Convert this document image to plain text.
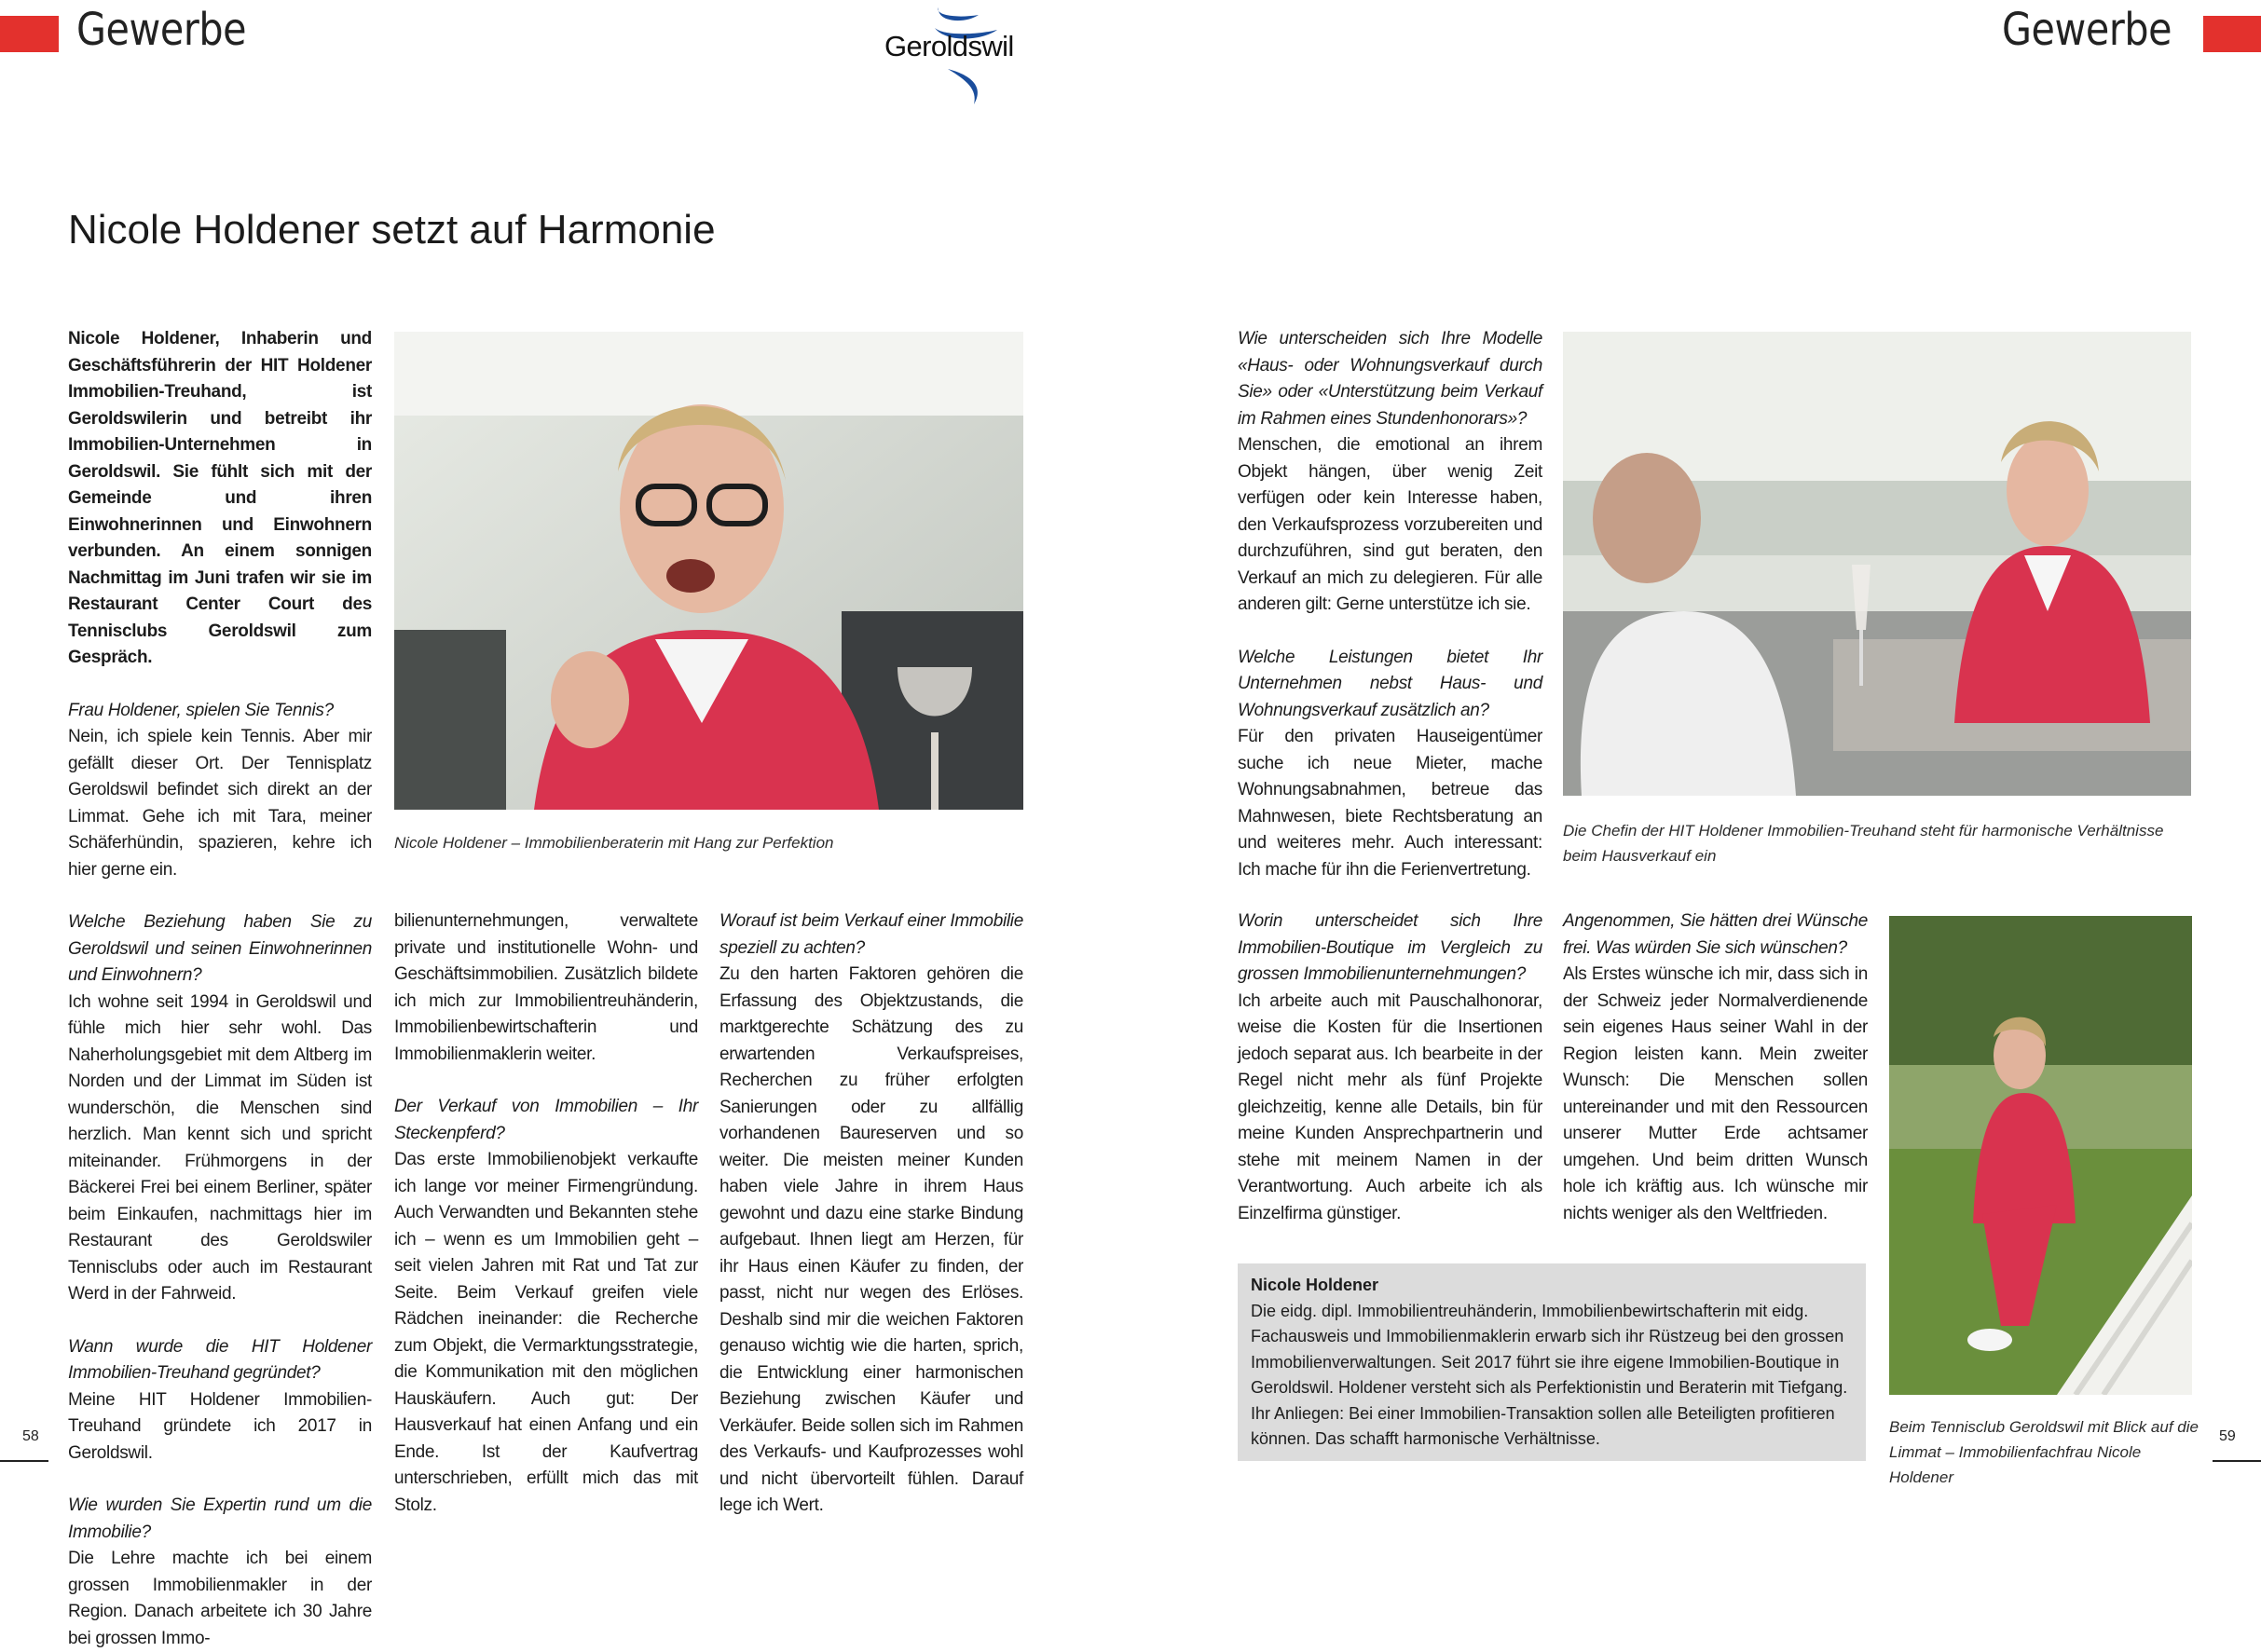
Gewerbe	Gewerbe
Geroldswil
Nicole Holdener setzt auf Harmonie

Nicole Holdener, Inhaberin und Geschäftsführerin der HIT Holdener Immobilien-Treuhand, ist Geroldswilerin und betreibt ihr Immobilien-Unternehmen in Geroldswil. Sie fühlt sich mit der Gemeinde und ihren Einwohnerinnen und Einwohnern verbunden. An einem sonnigen Nachmittag im Juni trafen wir sie im Restaurant Center Court des Tennisclubs Geroldswil zum Gespräch.

Frau Holdener, spielen Sie Tennis?

Nein, ich spiele kein Tennis. Aber mir gefällt dieser Ort. Der Tennisplatz Geroldswil befindet sich direkt an der Limmat. Gehe ich mit Tara, meiner Schäferhündin, spazieren, kehre ich hier gerne ein.

Welche Beziehung haben Sie zu Geroldswil und seinen Einwohnerinnen und Einwohnern?

Ich wohne seit 1994 in Geroldswil und fühle mich hier sehr wohl. Das Naherholungsgebiet mit dem Altberg im Norden und der Limmat im Süden ist wunderschön, die Menschen sind herzlich. Man kennt sich und spricht miteinander. Frühmorgens in der Bäckerei Frei bei einem Berliner, später beim Einkaufen, nachmittags hier im Restaurant des Geroldswiler Tennisclubs oder auch im Restaurant Werd in der Fahrweid.

Wann wurde die HIT Holdener Immobilien-Treuhand gegründet?

Meine HIT Holdener Immobilien-Treuhand gründete ich 2017 in Geroldswil.

Wie wurden Sie Expertin rund um die Immobilie?

Die Lehre machte ich bei einem grossen Immobilienmakler in der Region. Danach arbeitete ich 30 Jahre bei grossen Immo-

Nicole Holdener – Immobilienberaterin mit Hang zur Perfektion

bilienunternehmungen, verwaltete private und institutionelle Wohn- und Geschäftsimmobilien. Zusätzlich bildete ich mich zur Immobilientreuhänderin, Immobilienbewirtschafterin und Immobilienmaklerin weiter.

Der Verkauf von Immobilien – Ihr Steckenpferd?

Das erste Immobilienobjekt verkaufte ich lange vor meiner Firmengründung. Auch Verwandten und Bekannten stehe ich – wenn es um Immobilien geht – seit vielen Jahren mit Rat und Tat zur Seite. Beim Verkauf greifen viele Rädchen ineinander: die Recherche zum Objekt, die Vermarktungsstrategie, die Kommunikation mit den möglichen Hauskäufern. Auch gut: Der Hausverkauf hat einen Anfang und ein Ende. Ist der Kaufvertrag unterschrieben, erfüllt mich das mit Stolz.

Worauf ist beim Verkauf einer Immobilie speziell zu achten?

Zu den harten Faktoren gehören die Erfassung des Objektzustands, die marktgerechte Schätzung des zu erwartenden Verkaufspreises, Recherchen zu früher erfolgten Sanierungen oder zu allfällig vorhandenen Baureserven und so weiter. Die meisten meiner Kunden haben viele Jahre in ihrem Haus gewohnt und dazu eine starke Bindung aufgebaut. Ihnen liegt am Herzen, für ihr Haus einen Käufer zu finden, der passt, nicht nur wegen des Erlöses. Deshalb sind mir die weichen Faktoren genauso wichtig wie die harten, sprich, die Entwicklung einer harmonischen Beziehung zwischen Käufer und Verkäufer. Beide sollen sich im Rahmen des Verkaufs- und Kaufprozesses wohl und nicht übervorteilt fühlen. Darauf lege ich Wert.

Wie unterscheiden sich Ihre Modelle «Haus- oder Wohnungsverkauf durch Sie» oder «Unterstützung beim Verkauf im Rahmen eines Stundenhonorars»?

Menschen, die emotional an ihrem Objekt hängen, über wenig Zeit verfügen oder kein Interesse haben, den Verkaufsprozess vorzubereiten und durchzuführen, sind gut beraten, den Verkauf an mich zu delegieren. Für alle anderen gilt: Gerne unterstütze ich sie.

Welche Leistungen bietet Ihr Unternehmen nebst Haus- und Wohnungsverkauf zusätzlich an?

Für den privaten Hauseigentümer suche ich neue Mieter, mache Wohnungsabnahmen, betreue das Mahnwesen, biete Rechtsberatung an und weiteres mehr. Auch interessant: Ich mache für ihn die Ferienvertretung.

Die Chefin der HIT Holdener Immobilien-Treuhand steht für harmonische Verhältnisse beim Hausverkauf ein

Worin unterscheidet sich Ihre Immobilien-Boutique im Vergleich zu grossen Immobilienunternehmungen?

Ich arbeite auch mit Pauschalhonorar, weise die Kosten für die Insertionen jedoch separat aus. Ich bearbeite in der Regel nicht mehr als fünf Projekte gleichzeitig, kenne alle Details, bin für meine Kunden Ansprechpartnerin und stehe mit meinem Namen in der Verantwortung. Auch arbeite ich als Einzelfirma günstiger.

Angenommen, Sie hätten drei Wünsche frei. Was würden Sie sich wünschen?

Als Erstes wünsche ich mir, dass sich in der Schweiz jeder Normalverdienende sein eigenes Haus seiner Wahl in der Region leisten kann. Mein zweiter Wunsch: Die Menschen sollen untereinander und mit den Ressourcen unserer Mutter Erde achtsamer umgehen. Und beim dritten Wunsch hole ich kräftig aus. Ich wünsche mir nichts weniger als den Weltfrieden.

Beim Tennisclub Geroldswil mit Blick auf die Limmat – Immobilienfachfrau Nicole Holdener

Nicole Holdener

Die eidg. dipl. Immobilientreuhänderin, Immobilienbewirtschafterin mit eidg. Fachausweis und Immobilienmaklerin erwarb sich ihr Rüstzeug bei den grossen Immobilienverwaltungen. Seit 2017 führt sie ihre eigene Immobilien-Boutique in Geroldswil. Holdener versteht sich als Perfektionistin und Beraterin mit Tiefgang. Ihr Anliegen: Bei einer Immobilien-Transaktion sollen alle Beteiligten profitieren können. Das schafft harmonische Verhältnisse.

58	59
